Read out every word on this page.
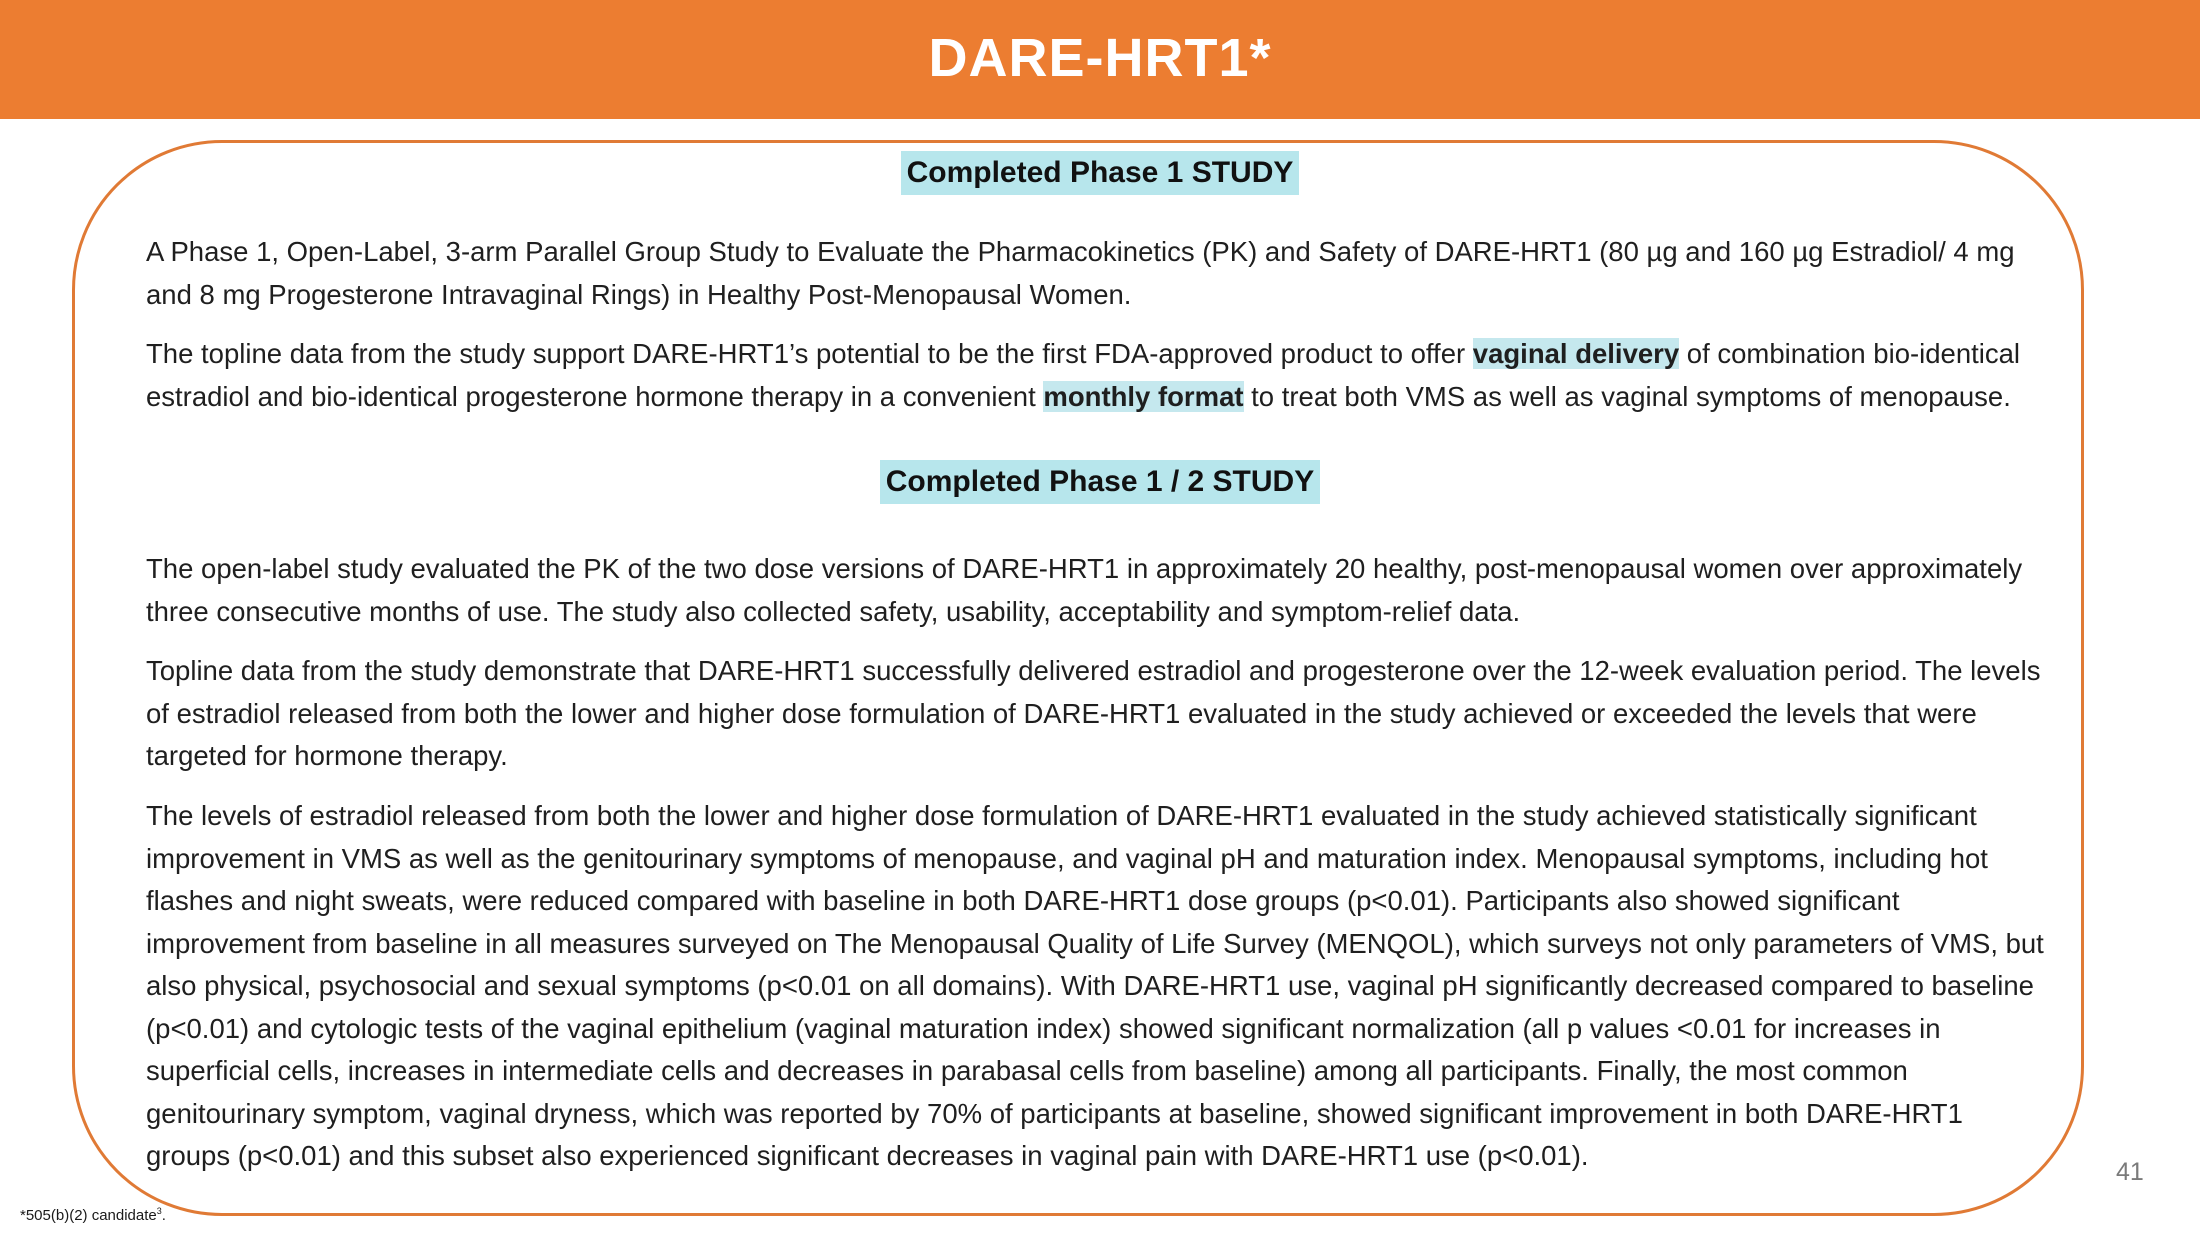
DARE-HRT1*
Completed Phase 1 STUDY

A Phase 1, Open-Label, 3-arm Parallel Group Study to Evaluate the Pharmacokinetics (PK) and Safety of DARE-HRT1 (80 µg and 160 µg Estradiol/ 4 mg and 8 mg Progesterone Intravaginal Rings) in Healthy Post-Menopausal Women.

The topline data from the study support DARE-HRT1’s potential to be the first FDA-approved product to offer vaginal delivery of combination bio-identical estradiol and bio-identical progesterone hormone therapy in a convenient monthly format to treat both VMS as well as vaginal symptoms of menopause.

Completed Phase 1 / 2 STUDY

The open-label study evaluated the PK of the two dose versions of DARE-HRT1 in approximately 20 healthy, post-menopausal women over approximately three consecutive months of use. The study also collected safety, usability, acceptability and symptom-relief data.

Topline data from the study demonstrate that DARE-HRT1 successfully delivered estradiol and progesterone over the 12-week evaluation period. The levels of estradiol released from both the lower and higher dose formulation of DARE-HRT1 evaluated in the study achieved or exceeded the levels that were targeted for hormone therapy.

The levels of estradiol released from both the lower and higher dose formulation of DARE-HRT1 evaluated in the study achieved statistically significant improvement in VMS as well as the genitourinary symptoms of menopause, and vaginal pH and maturation index. Menopausal symptoms, including hot flashes and night sweats, were reduced compared with baseline in both DARE-HRT1 dose groups (p<0.01). Participants also showed significant improvement from baseline in all measures surveyed on The Menopausal Quality of Life Survey (MENQOL), which surveys not only parameters of VMS, but also physical, psychosocial and sexual symptoms (p<0.01 on all domains). With DARE-HRT1 use, vaginal pH significantly decreased compared to baseline (p<0.01) and cytologic tests of the vaginal epithelium (vaginal maturation index) showed significant normalization (all p values <0.01 for increases in superficial cells, increases in intermediate cells and decreases in parabasal cells from baseline) among all participants. Finally, the most common genitourinary symptom, vaginal dryness, which was reported by 70% of participants at baseline, showed significant improvement in both DARE-HRT1 groups (p<0.01) and this subset also experienced significant decreases in vaginal pain with DARE-HRT1 use (p<0.01).

41
*505(b)(2) candidate$^3$.
